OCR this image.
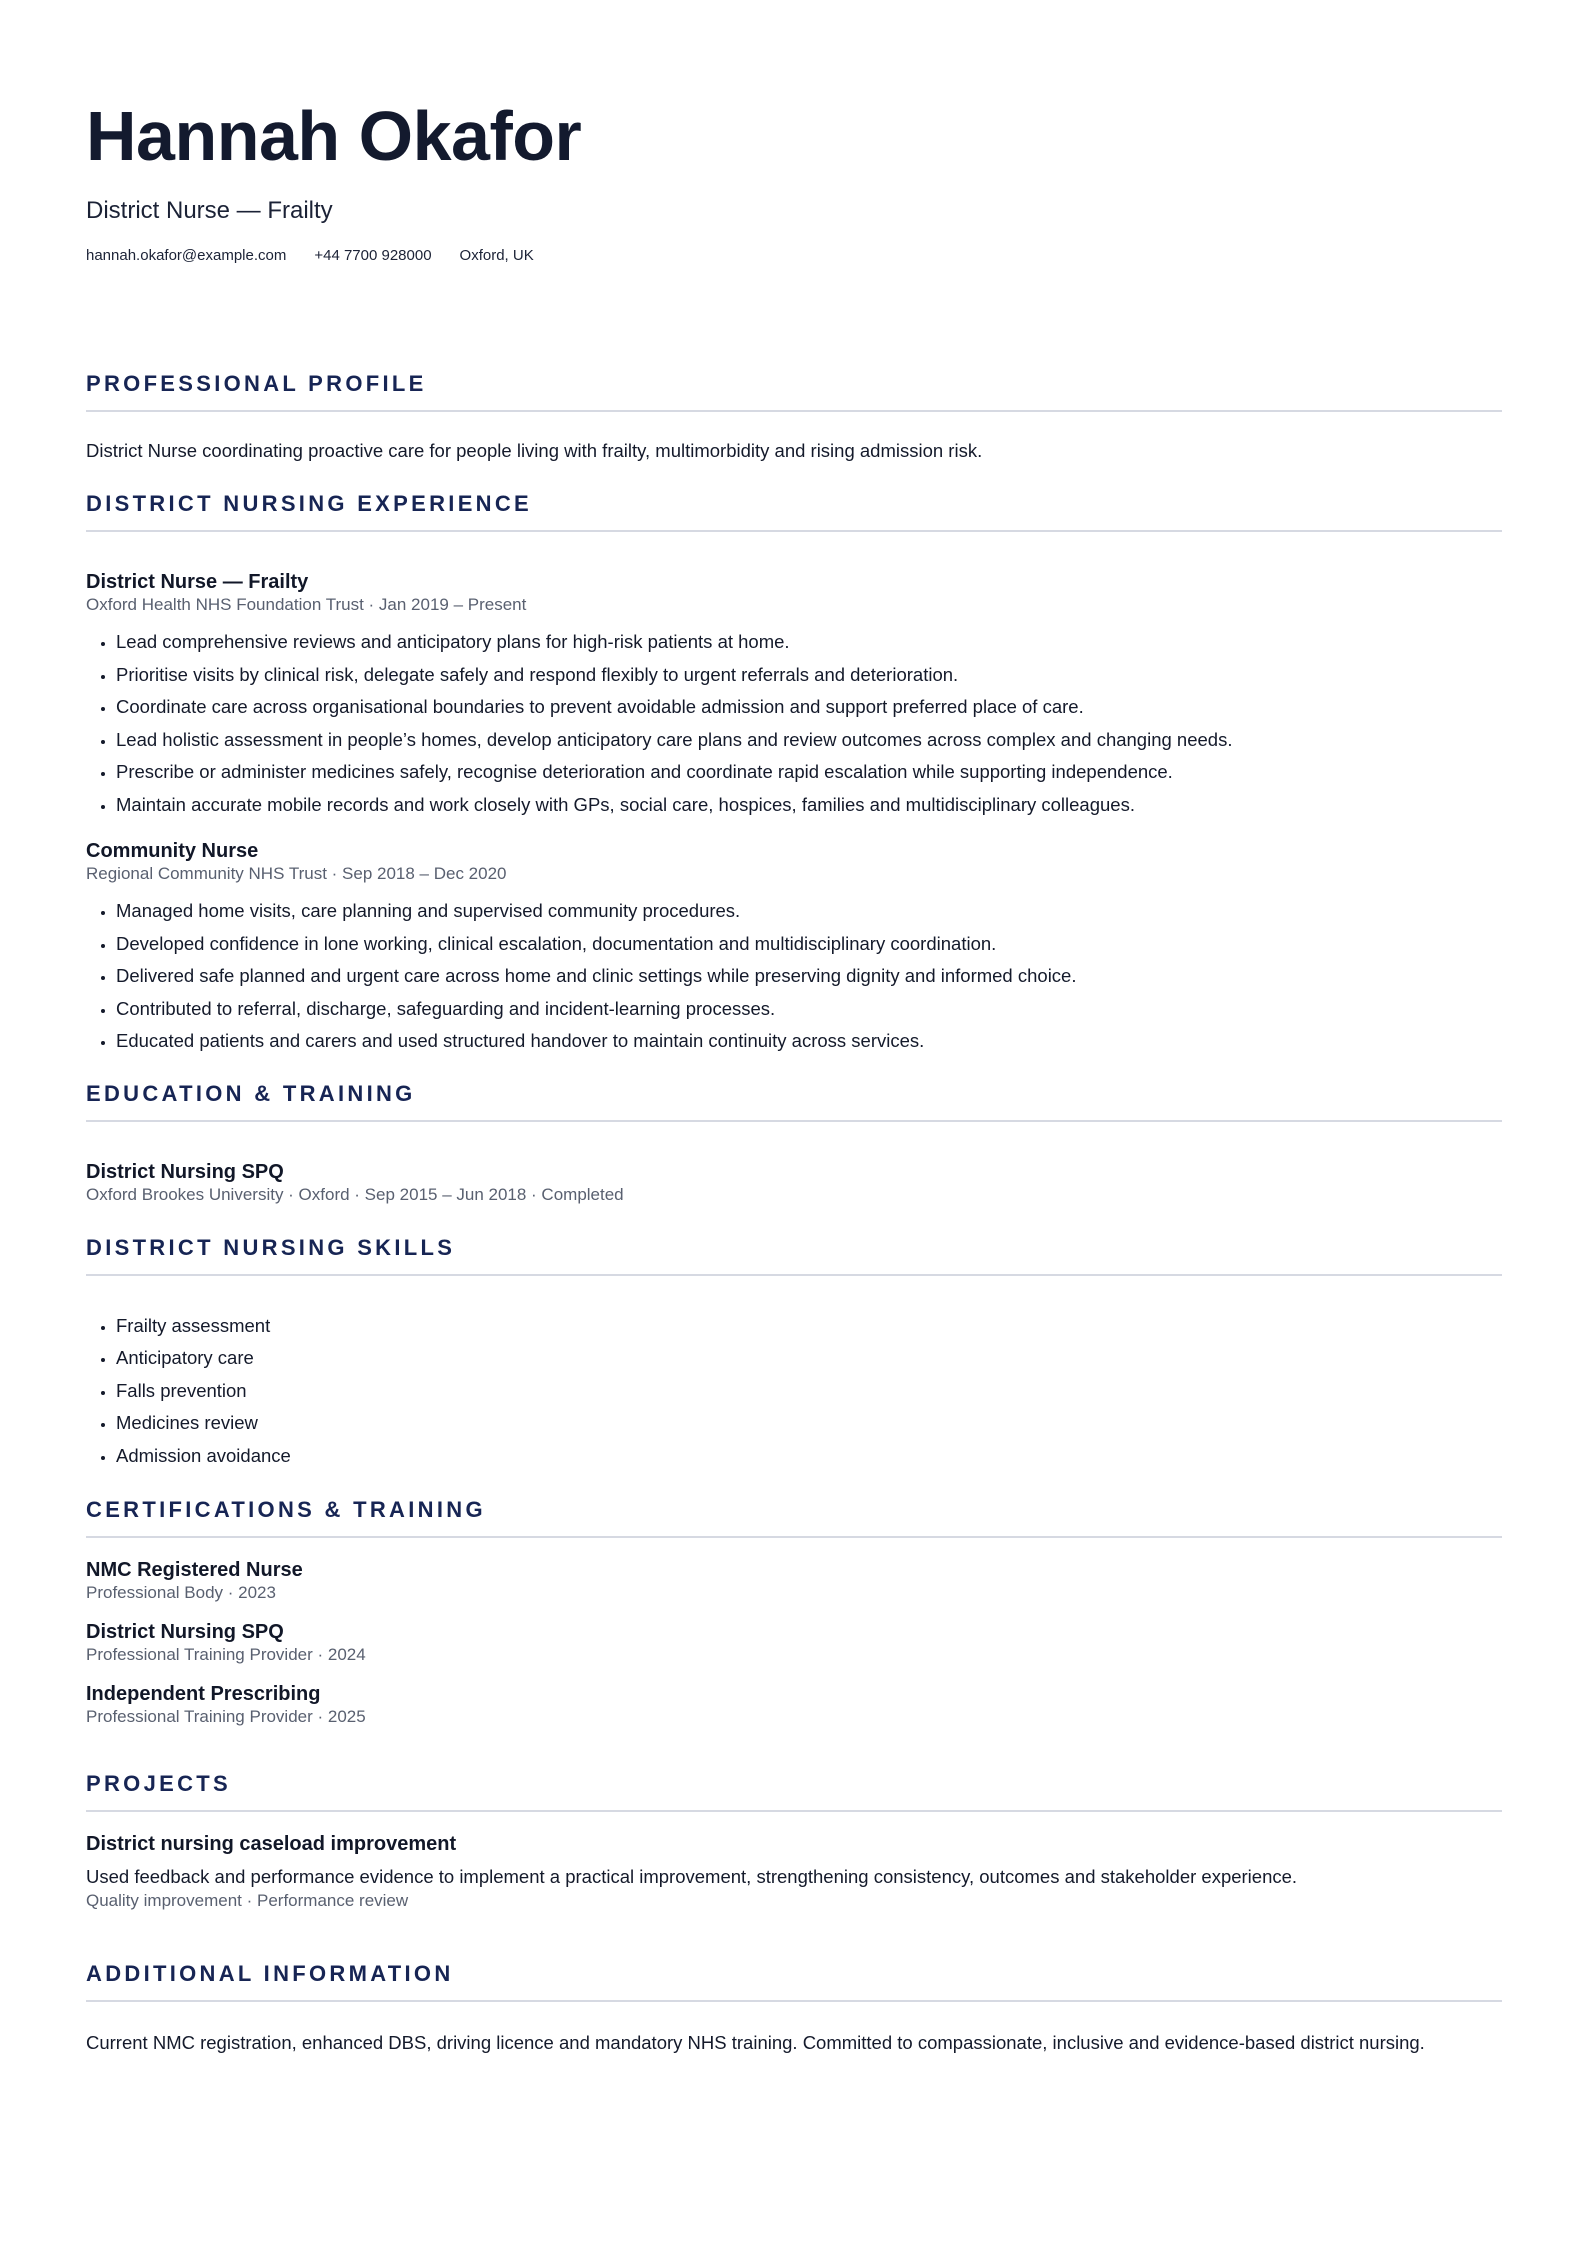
Hannah Okafor
District Nurse — Frailty
hannah.okafor@example.com +44 7700 928000 Oxford, UK
PROFESSIONAL PROFILE
District Nurse coordinating proactive care for people living with frailty, multimorbidity and rising admission risk.
DISTRICT NURSING EXPERIENCE
District Nurse — Frailty
Oxford Health NHS Foundation Trust · Jan 2019 – Present
• Lead comprehensive reviews and anticipatory plans for high-risk patients at home.
• Prioritise visits by clinical risk, delegate safely and respond flexibly to urgent referrals and deterioration.
• Coordinate care across organisational boundaries to prevent avoidable admission and support preferred place of care.
• Lead holistic assessment in people’s homes, develop anticipatory care plans and review outcomes across complex and changing needs.
• Prescribe or administer medicines safely, recognise deterioration and coordinate rapid escalation while supporting independence.
• Maintain accurate mobile records and work closely with GPs, social care, hospices, families and multidisciplinary colleagues.
Community Nurse
Regional Community NHS Trust · Sep 2018 – Dec 2020
• Managed home visits, care planning and supervised community procedures.
• Developed confidence in lone working, clinical escalation, documentation and multidisciplinary coordination.
• Delivered safe planned and urgent care across home and clinic settings while preserving dignity and informed choice.
• Contributed to referral, discharge, safeguarding and incident-learning processes.
• Educated patients and carers and used structured handover to maintain continuity across services.
EDUCATION & TRAINING
District Nursing SPQ
Oxford Brookes University · Oxford · Sep 2015 – Jun 2018 · Completed
DISTRICT NURSING SKILLS
• Frailty assessment
• Anticipatory care
• Falls prevention
• Medicines review
• Admission avoidance
CERTIFICATIONS & TRAINING
NMC Registered Nurse
Professional Body · 2023
District Nursing SPQ
Professional Training Provider · 2024
Independent Prescribing
Professional Training Provider · 2025
PROJECTS
District nursing caseload improvement
Used feedback and performance evidence to implement a practical improvement, strengthening consistency, outcomes and stakeholder experience.
Quality improvement · Performance review
ADDITIONAL INFORMATION
Current NMC registration, enhanced DBS, driving licence and mandatory NHS training. Committed to compassionate, inclusive and evidence-based district nursing.
